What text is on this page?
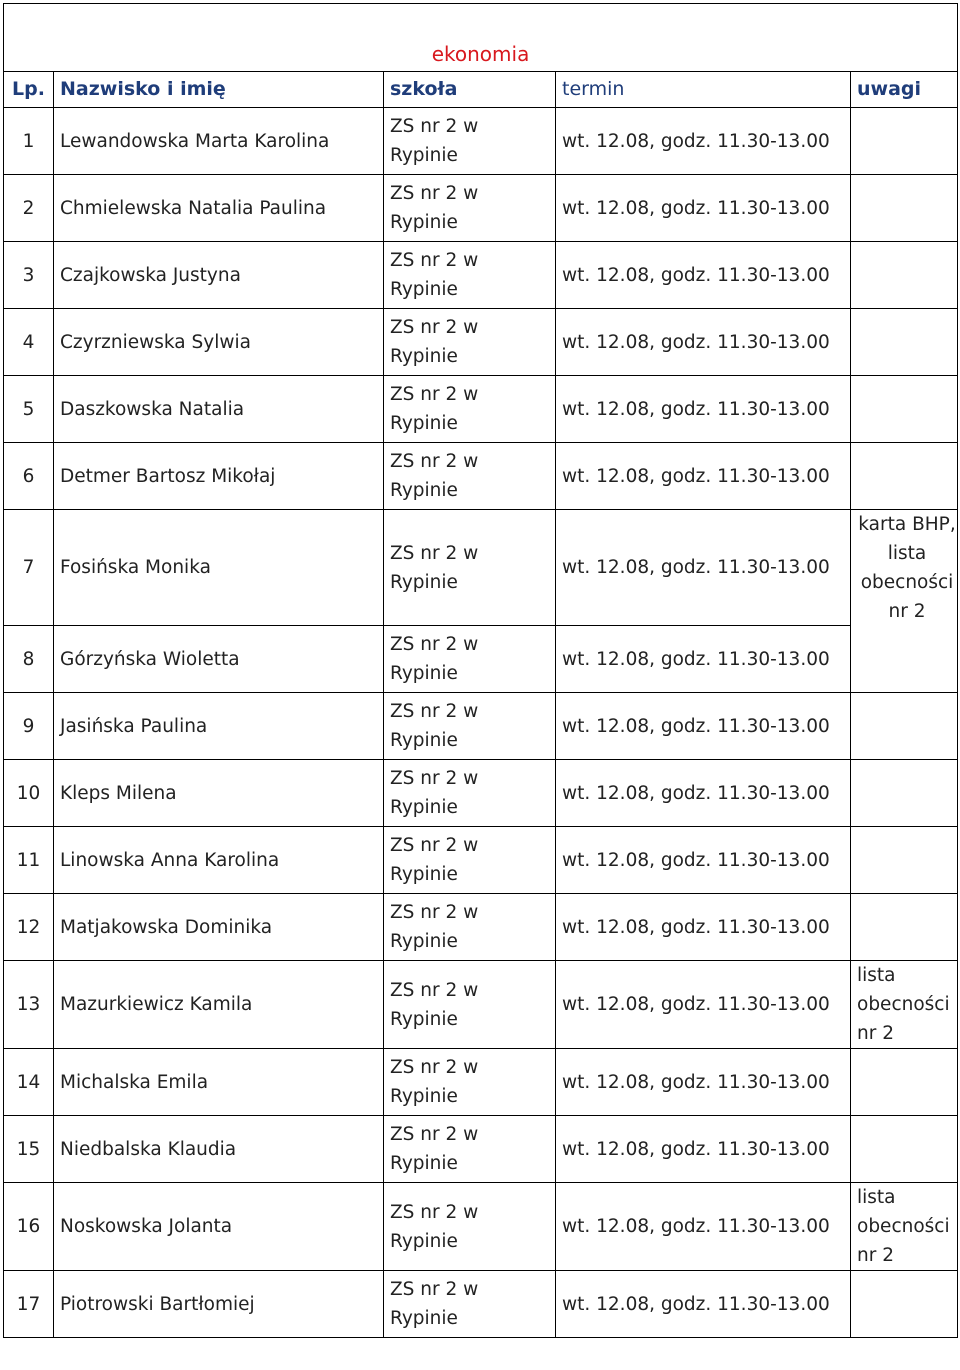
ekonomia				
Lp.	Nazwisko i imię	szkoła	termin	uwagi
1	Lewandowska Marta Karolina	ZS nr 2 w
Rypinie	wt. 12.08, godz. 11.30-13.00	

2	Chmielewska Natalia Paulina	ZS nr 2 w
Rypinie	wt. 12.08, godz. 11.30-13.00	

3	Czajkowska Justyna	ZS nr 2 w
Rypinie	wt. 12.08, godz. 11.30-13.00	

4	Czyrzniewska Sylwia	ZS nr 2 w
Rypinie	wt. 12.08, godz. 11.30-13.00	

5	Daszkowska Natalia	ZS nr 2 w
Rypinie	wt. 12.08, godz. 11.30-13.00	

6	Detmer Bartosz Mikołaj	ZS nr 2 w
Rypinie	wt. 12.08, godz. 11.30-13.00	

7	Fosińska Monika	ZS nr 2 w
Rypinie	wt. 12.08, godz. 11.30-13.00	karta BHP, lista obecności nr 2

8	Górzyńska Wioletta	ZS nr 2 w
Rypinie	wt. 12.08, godz. 11.30-13.00	
9	Jasińska Paulina	ZS nr 2 w
Rypinie	wt. 12.08, godz. 11.30-13.00	

10	Kleps Milena	ZS nr 2 w
Rypinie	wt. 12.08, godz. 11.30-13.00	

11	Linowska Anna Karolina	ZS nr 2 w
Rypinie	wt. 12.08, godz. 11.30-13.00	

12	Matjakowska Dominika	ZS nr 2 w
Rypinie	wt. 12.08, godz. 11.30-13.00	

13	Mazurkiewicz Kamila	ZS nr 2 w
Rypinie	wt. 12.08, godz. 11.30-13.00	lista obecności nr 2

14	Michalska Emila	ZS nr 2 w
Rypinie	wt. 12.08, godz. 11.30-13.00	

15	Niedbalska Klaudia	ZS nr 2 w
Rypinie	wt. 12.08, godz. 11.30-13.00	

16	Noskowska Jolanta	ZS nr 2 w
Rypinie	wt. 12.08, godz. 11.30-13.00	lista obecności nr 2

17	Piotrowski Bartłomiej	ZS nr 2 w
Rypinie	wt. 12.08, godz. 11.30-13.00	
